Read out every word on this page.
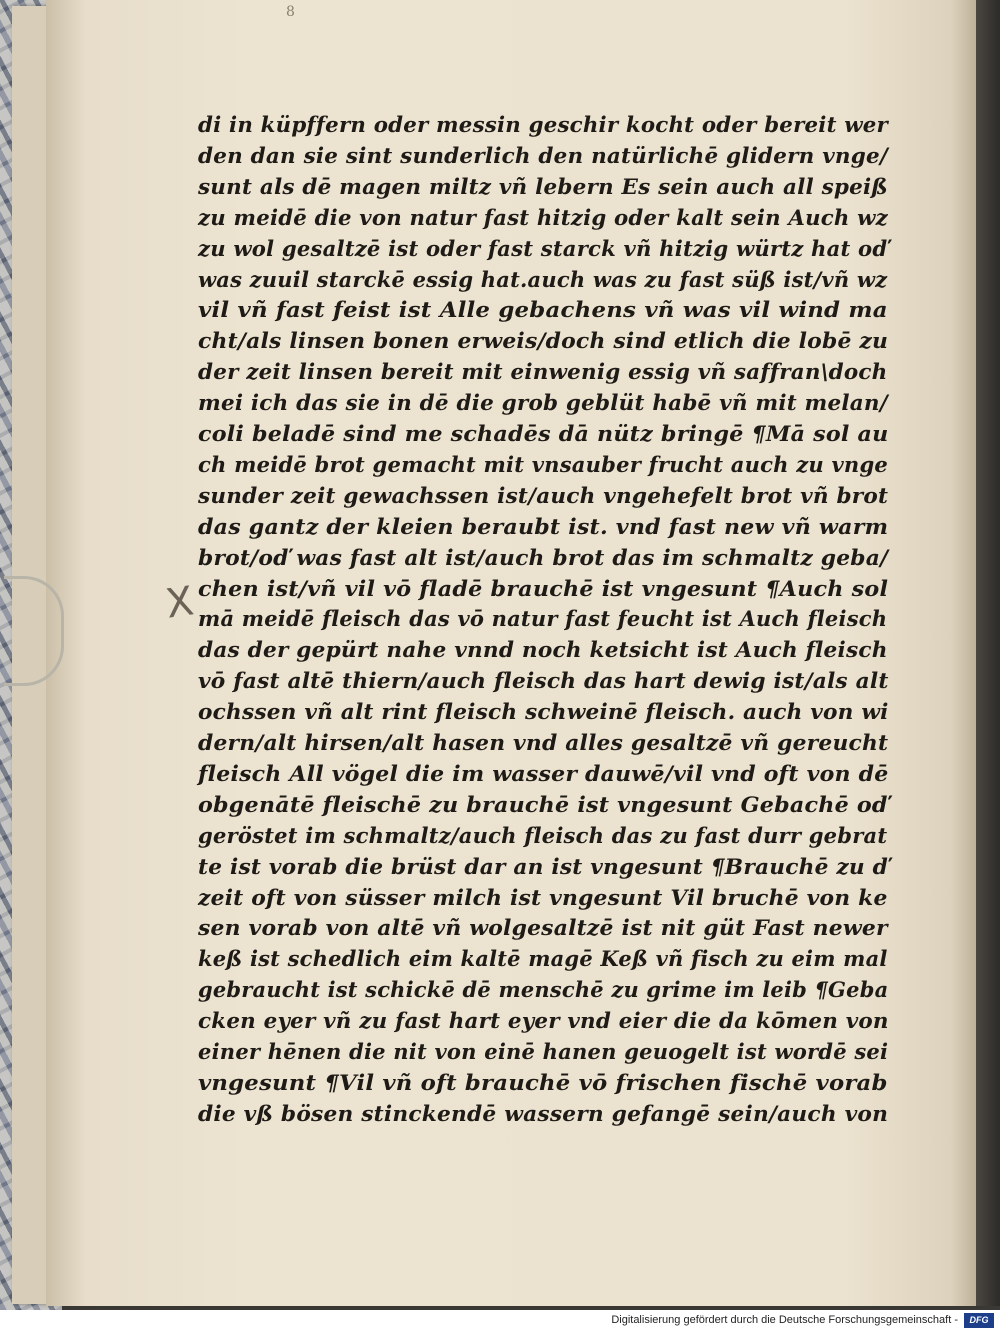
8
X
di in küpffern oder messin geschir kocht oder bereit wer
den dan sie sint sunderlich den natürlichē glidern vnge/
sunt als dē magen miltz vñ lebern Es sein auch all speiß
zu meidē die von natur fast hitzig oder kalt sein Auch wz
zu wol gesaltzē ist oder fast starck vñ hitzig würtz hat oď
was zuuil starckē essig hat.auch was zu fast süß ist/vñ wz
vil vñ fast feist ist Alle gebachens vñ was vil wind ma
cht/als linsen bonen erweis/doch sind etlich die lobē zu
der zeit linsen bereit mit einwenig essig vñ saffran\doch
mei ich das sie in dē die grob geblüt habē vñ mit melan/
coli beladē sind me schadēs dā nütz bringē ¶Mā sol au
ch meidē brot gemacht mit vnsauber frucht auch zu vnge
sunder zeit gewachssen ist/auch vngehefelt brot vñ brot
das gantz der kleien beraubt ist. vnd fast new vñ warm
brot/oď was fast alt ist/auch brot das im schmaltz geba/
chen ist/vñ vil vō fladē brauchē ist vngesunt ¶Auch sol
mā meidē fleisch das vō natur fast feucht ist Auch fleisch
das der gepürt nahe vnnd noch ketsicht ist Auch fleisch
vō fast altē thiern/auch fleisch das hart dewig ist/als alt
ochssen vñ alt rint fleisch schweinē fleisch. auch von wi
dern/alt hirsen/alt hasen vnd alles gesaltzē vñ gereucht
fleisch All vögel die im wasser dauwē/vil vnd oft von dē
obgenātē fleischē zu brauchē ist vngesunt Gebachē oď
geröstet im schmaltz/auch fleisch das zu fast durr gebrat
te ist vorab die brüst dar an ist vngesunt ¶Brauchē zu ď
zeit oft von süsser milch ist vngesunt Vil bruchē von ke
sen vorab von altē vñ wolgesaltzē ist nit güt Fast newer
keß ist schedlich eim kaltē magē Keß vñ fisch zu eim mal
gebraucht ist schickē dē menschē zu grime im leib ¶Geba
cken eyer vñ zu fast hart eyer vnd eier die da kōmen von
einer hēnen die nit von einē hanen geuogelt ist wordē sei
vngesunt ¶Vil vñ oft brauchē vō frischen fischē vorab
die vß bösen stinckendē wassern gefangē sein/auch von
Digitalisierung gefördert durch die Deutsche Forschungsgemeinschaft -	DFG
